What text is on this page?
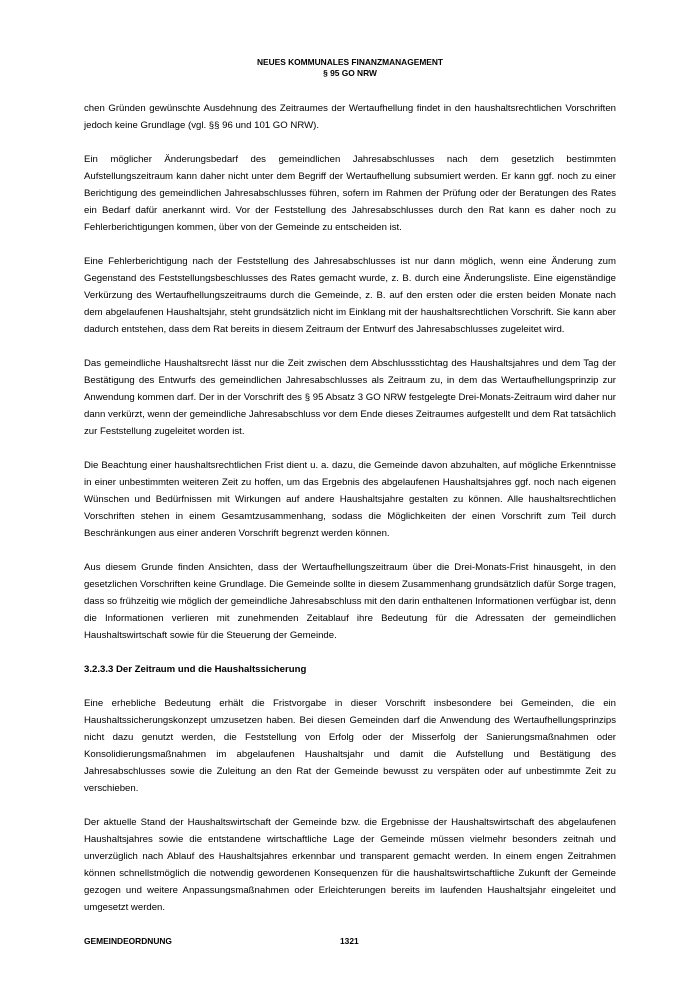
NEUES KOMMUNALES FINANZMANAGEMENT
§ 95 GO NRW

chen Gründen gewünschte Ausdehnung des Zeitraumes der Wertaufhellung findet in den haushaltsrechtlichen Vorschriften jedoch keine Grundlage (vgl. §§ 96 und 101 GO NRW).

Ein möglicher Änderungsbedarf des gemeindlichen Jahresabschlusses nach dem gesetzlich bestimmten Aufstellungszeitraum kann daher nicht unter dem Begriff der Wertaufhellung subsumiert werden. Er kann ggf. noch zu einer Berichtigung des gemeindlichen Jahresabschlusses führen, sofern im Rahmen der Prüfung oder der Beratungen des Rates ein Bedarf dafür anerkannt wird. Vor der Feststellung des Jahresabschlusses durch den Rat kann es daher noch zu Fehlerberichtigungen kommen, über von der Gemeinde zu entscheiden ist.

Eine Fehlerberichtigung nach der Feststellung des Jahresabschlusses ist nur dann möglich, wenn eine Änderung zum Gegenstand des Feststellungsbeschlusses des Rates gemacht wurde, z. B. durch eine Änderungsliste. Eine eigenständige Verkürzung des Wertaufhellungszeitraums durch die Gemeinde, z. B. auf den ersten oder die ersten beiden Monate nach dem abgelaufenen Haushaltsjahr, steht grundsätzlich nicht im Einklang mit der haushaltsrechtlichen Vorschrift. Sie kann aber dadurch entstehen, dass dem Rat bereits in diesem Zeitraum der Entwurf des Jahresabschlusses zugeleitet wird.

Das gemeindliche Haushaltsrecht lässt nur die Zeit zwischen dem Abschlussstichtag des Haushaltsjahres und dem Tag der Bestätigung des Entwurfs des gemeindlichen Jahresabschlusses als Zeitraum zu, in dem das Wertaufhellungsprinzip zur Anwendung kommen darf. Der in der Vorschrift des § 95 Absatz 3 GO NRW festgelegte Drei-Monats-Zeitraum wird daher nur dann verkürzt, wenn der gemeindliche Jahresabschluss vor dem Ende dieses Zeitraumes aufgestellt und dem Rat tatsächlich zur Feststellung zugeleitet worden ist.

Die Beachtung einer haushaltsrechtlichen Frist dient u. a. dazu, die Gemeinde davon abzuhalten, auf mögliche Erkenntnisse in einer unbestimmten weiteren Zeit zu hoffen, um das Ergebnis des abgelaufenen Haushaltsjahres ggf. noch nach eigenen Wünschen und Bedürfnissen mit Wirkungen auf andere Haushaltsjahre gestalten zu können. Alle haushaltsrechtlichen Vorschriften stehen in einem Gesamtzusammenhang, sodass die Möglichkeiten der einen Vorschrift zum Teil durch Beschränkungen aus einer anderen Vorschrift begrenzt werden können.

Aus diesem Grunde finden Ansichten, dass der Wertaufhellungszeitraum über die Drei-Monats-Frist hinausgeht, in den gesetzlichen Vorschriften keine Grundlage. Die Gemeinde sollte in diesem Zusammenhang grundsätzlich dafür Sorge tragen, dass so frühzeitig wie möglich der gemeindliche Jahresabschluss mit den darin enthaltenen Informationen verfügbar ist, denn die Informationen verlieren mit zunehmenden Zeitablauf ihre Bedeutung für die Adressaten der gemeindlichen Haushaltswirtschaft sowie für die Steuerung der Gemeinde.

3.2.3.3 Der Zeitraum und die Haushaltssicherung

Eine erhebliche Bedeutung erhält die Fristvorgabe in dieser Vorschrift insbesondere bei Gemeinden, die ein Haushaltssicherungskonzept umzusetzen haben. Bei diesen Gemeinden darf die Anwendung des Wertaufhellungsprinzips nicht dazu genutzt werden, die Feststellung von Erfolg oder der Misserfolg der Sanierungsmaßnahmen oder Konsolidierungsmaßnahmen im abgelaufenen Haushaltsjahr und damit die Aufstellung und Bestätigung des Jahresabschlusses sowie die Zuleitung an den Rat der Gemeinde bewusst zu verspäten oder auf unbestimmte Zeit zu verschieben.

Der aktuelle Stand der Haushaltswirtschaft der Gemeinde bzw. die Ergebnisse der Haushaltswirtschaft des abgelaufenen Haushaltsjahres sowie die entstandene wirtschaftliche Lage der Gemeinde müssen vielmehr besonders zeitnah und unverzüglich nach Ablauf des Haushaltsjahres erkennbar und transparent gemacht werden. In einem engen Zeitrahmen können schnellstmöglich die notwendig gewordenen Konsequenzen für die haushaltswirtschaftliche Zukunft der Gemeinde gezogen und weitere Anpassungsmaßnahmen oder Erleichterungen bereits im laufenden Haushaltsjahr eingeleitet und umgesetzt werden.

GEMEINDEORDNUNG	1321
